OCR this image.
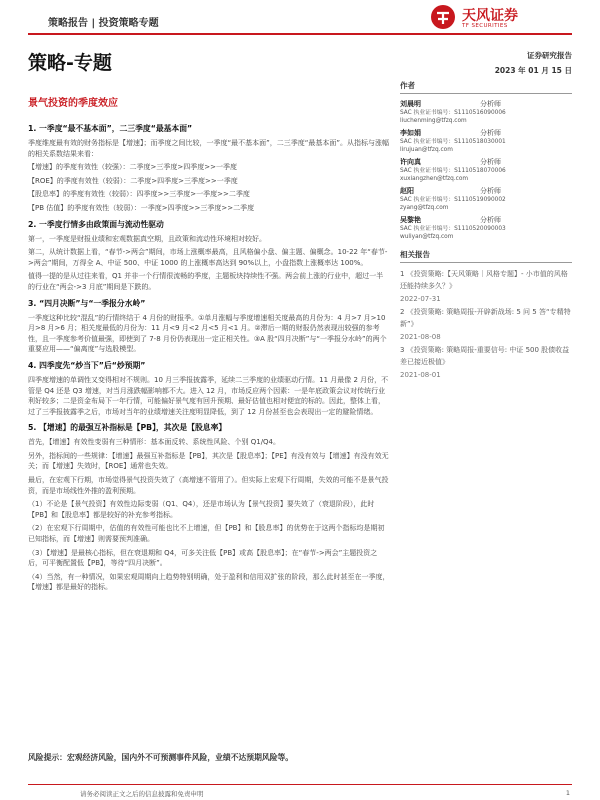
策略报告 | 投资策略专题	天风证券
TF SECURITIES
策略-专题	证券研究报告
2023 年 01 月 15 日
景气投资的季度效应
1. 一季度“最不基本面”，二三季度“最基本面”
季度维度最有效的财务指标是【增速】；而季度之间比较，一季度“最不基本面”，二三季度“最基本面”。从指标与涨幅的相关系数结果来看：
【增速】的季度有效性（较强）：二季度>三季度>四季度>>一季度
【ROE】的季度有效性（较弱）：二季度>四季度>三季度>>一季度
【股息率】的季度有效性（较弱）：四季度>>三季度>一季度>>二季度
【PB 估值】的季度有效性（较弱）：一季度>四季度>>三季度>>二季度
2. 一季度行情多由政策面与流动性驱动
第一，一季度是财报业绩和宏观数据真空期，且政策和流动性环境相对较好。
第二，从统计数据上看，“春节->两会”期间，市场上涨概率最高，且风格偏小盘、偏主题、偏概念。10-22 年“春节->两会”期间，万得全 A、中证 500、中证 1000 的上涨概率高达到 90%以上，小盘指数上涨概率达 100%。
值得一提的是从过往来看，Q1 并非一个行情很流畅的季度，主题板块持续性不强。两会前上涨的行业中，超过一半的行业在“两会->3 月底”期间是下跌的。
3. “四月决断”与“一季报分水岭”
一季度这种比较“混乱”的行情终结于 4 月份的财报季。①单月涨幅与季度增速相关度最高的月份为：4 月>7 月>10 月>8 月>6 月；相关度最低的月份为：11 月<9 月<2 月<5 月<1 月。②滞后一期的财报仍然表现出较强的参考性，且一季度参考价值最强，即使到了 7-8 月份仍表现出一定正相关性。③A 股“四月决断”与“一季报分水岭”的两个重要应用——“偏离度”与选股模型。
4. 四季度先“炒当下”后“炒预期”
四季度增速的单调性又变得相对不规则。10 月三季报披露季，延续二三季度的业绩驱动行情。11 月最像 2 月份，不管是 Q4 还是 Q3 增速，对当月涨跌幅影响都不大。进入 12 月，市场反应两个因素：一是年底政策会议对传统行业利好较多；二是资金布局下一年行情，可能偏好景气度有回升预期、最好估值也相对便宜的标的。因此，整体上看，过了三季报披露季之后，市场对当年的业绩增速关注度明显降低，到了 12 月份甚至也会表现出一定的避险情绪。
5. 【增速】的最强互补指标是【PB】，其次是【股息率】
首先，【增速】有效性变弱有三种情形：基本面反转、系统性风险、个别 Q1/Q4。
另外，指标间的一些规律：【增速】最强互补指标是【PB】，其次是【股息率】；【PE】有没有效与【增速】有没有效无关；而【增速】失效时，【ROE】通常也失效。
最后，在宏观下行期，市场觉得景气投资失效了（高增速不管用了）。但实际上宏观下行周期，失效的可能不是景气投资，而是市场线性外推的盈利预期。
（1）不论是【景气投资】有效性边际变弱（Q1、Q4），还是市场认为【景气投资】要失效了（衰退阶段），此时【PB】和【股息率】都是较好的补充参考指标。
（2）在宏观下行周期中，估值的有效性可能也比不上增速，但【PB】和【股息率】的优势在于这两个指标均是期初已知指标，而【增速】则需要预判准确。
（3）【增速】是最核心指标，但在衰退期和 Q4，可多关注低【PB】或高【股息率】；在“春节->两会”主题投资之后，可平衡配置低【PB】，等待“四月决断”。
（4）当然，有一种情况，如果宏观周期向上趋势特别明确，处于盈利和信用双扩张的阶段，那么此时甚至在一季度，【增速】都是最好的指标。
作者
刘晨明	分析师
SAC 执业证书编号：S1110516090006
liuchenming@tfzq.com
李如娟	分析师
SAC 执业证书编号：S1110518030001
lirujuan@tfzq.com
许向真	分析师
SAC 执业证书编号：S1110518070006
xuxiangzhen@tfzq.com
赵阳	分析师
SAC 执业证书编号：S1110519090002
zyang@tfzq.com
吴黎艳	分析师
SAC 执业证书编号：S1110520090003
wuliyan@tfzq.com
相关报告
1 《投资策略:【天风策略｜风格专题】- 小市值的风格还能持续多久？》
2022-07-31
2 《投资策略: 策略周报-开辟新战场: 5 问 5 答“专精特新”》
2021-08-08
3 《投资策略: 策略周报-重要信号: 中证 500 股债收益差已接近极值》
2021-08-01
风险提示：宏观经济风险，国内外不可预测事件风险，业绩不达预期风险等。
请务必阅读正文之后的信息披露和免责申明	1
